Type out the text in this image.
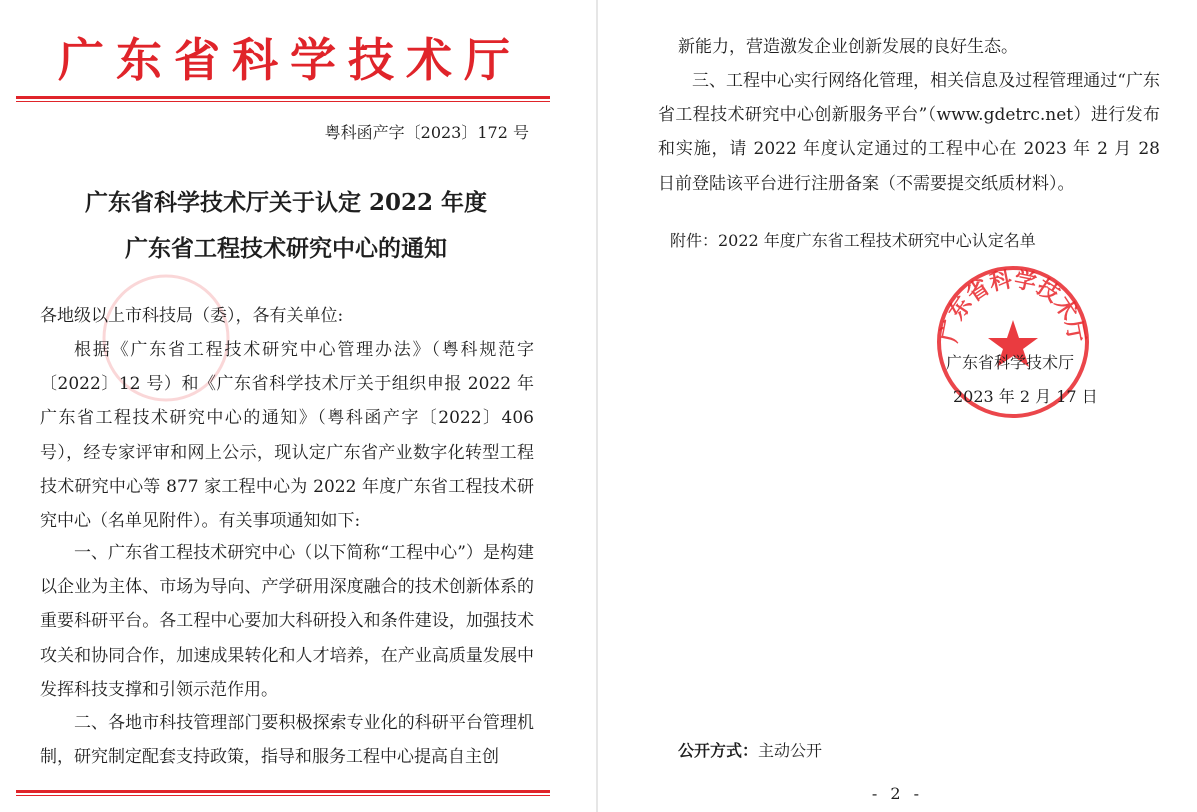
广东省科学技术厅

粤科函产字〔2023〕172 号
广东省科学技术厅关于认定 2022 年度
广东省工程技术研究中心的通知

各地级以上市科技局（委），各有关单位:

根据《广东省工程技术研究中心管理办法》（粤科规范字〔2022〕12 号）和《广东省科学技术厅关于组织申报 2022 年广东省工程技术研究中心的通知》（粤科函产字〔2022〕406 号），经专家评审和网上公示，现认定广东省产业数字化转型工程技术研究中心等 877 家工程中心为 2022 年度广东省工程技术研究中心（名单见附件）。有关事项通知如下:

一、广东省工程技术研究中心（以下简称“工程中心”）是构建以企业为主体、市场为导向、产学研用深度融合的技术创新体系的重要科研平台。各工程中心要加大科研投入和条件建设，加强技术攻关和协同合作，加速成果转化和人才培养，在产业高质量发展中发挥科技支撑和引领示范作用。

二、各地市科技管理部门要积极探索专业化的科研平台管理机制，研究制定配套支持政策，指导和服务工程中心提高自主创

新能力，营造激发企业创新发展的良好生态。

三、工程中心实行网络化管理，相关信息及过程管理通过“广东省工程技术研究中心创新服务平台”（www.gdetrc.net）进行发布和实施，请 2022 年度认定通过的工程中心在 2023 年 2 月 28 日前登陆该平台进行注册备案（不需要提交纸质材料）。

附件：2022 年度广东省工程技术研究中心认定名单
广东省科学技术厅
广东省科学技术厅
2023 年 2 月 17 日
公开方式：主动公开
- 2 -
